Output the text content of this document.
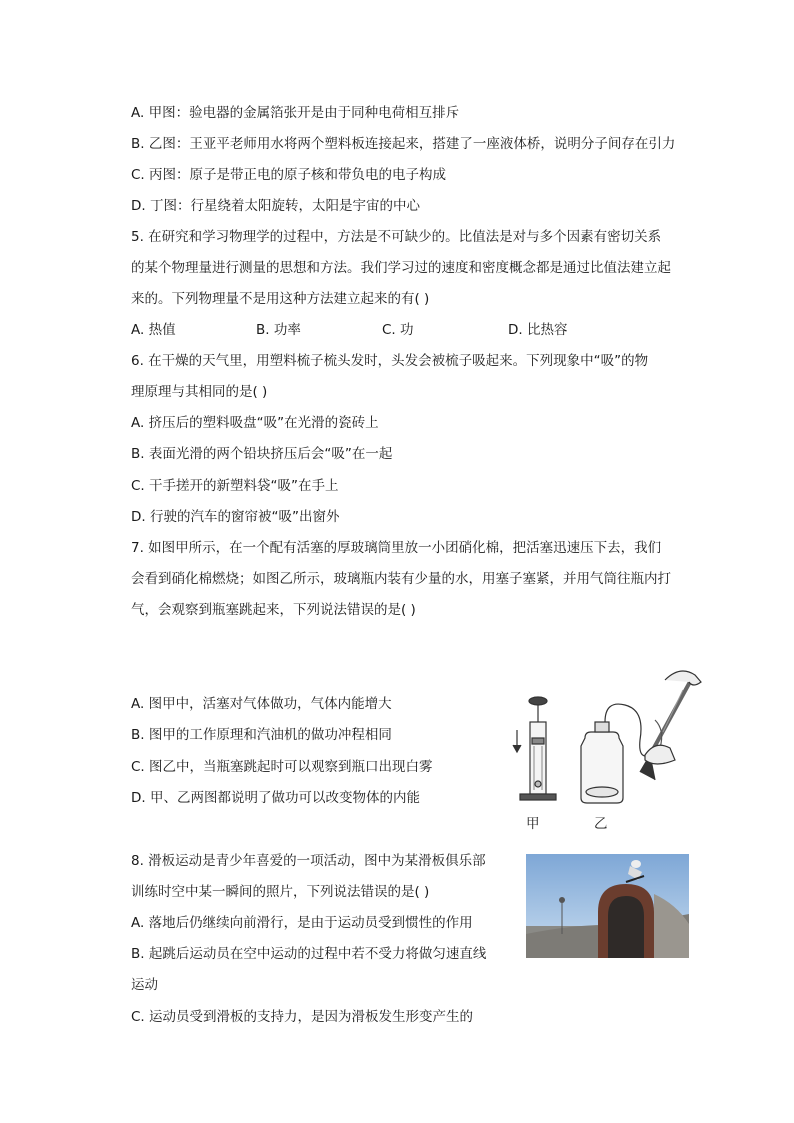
A. 甲图：验电器的金属箔张开是由于同种电荷相互排斥
B. 乙图：王亚平老师用水将两个塑料板连接起来，搭建了一座液体桥，说明分子间存在引力
C. 丙图：原子是带正电的原子核和带负电的电子构成
D. 丁图：行星绕着太阳旋转，太阳是宇宙的中心
5. 在研究和学习物理学的过程中，方法是不可缺少的。比值法是对与多个因素有密切关系
的某个物理量进行测量的思想和方法。我们学习过的速度和密度概念都是通过比值法建立起
来的。下列物理量不是用这种方法建立起来的有( )
A. 热值	B. 功率	C. 功	D. 比热容
6. 在干燥的天气里，用塑料梳子梳头发时，头发会被梳子吸起来。下列现象中“吸”的物
理原理与其相同的是( )
A. 挤压后的塑料吸盘“吸”在光滑的瓷砖上
B. 表面光滑的两个铅块挤压后会“吸”在一起
C. 干手搓开的新塑料袋“吸”在手上
D. 行驶的汽车的窗帘被“吸”出窗外
7. 如图甲所示，在一个配有活塞的厚玻璃筒里放一小团硝化棉，把活塞迅速压下去，我们
会看到硝化棉燃烧；如图乙所示，玻璃瓶内装有少量的水，用塞子塞紧，并用气筒往瓶内打
气，会观察到瓶塞跳起来，下列说法错误的是( )
A. 图甲中，活塞对气体做功，气体内能增大
B. 图甲的工作原理和汽油机的做功冲程相同
C. 图乙中，当瓶塞跳起时可以观察到瓶口出现白雾
D. 甲、乙两图都说明了做功可以改变物体的内能
甲	乙
8. 滑板运动是青少年喜爱的一项活动，图中为某滑板俱乐部
训练时空中某一瞬间的照片，下列说法错误的是( )
A. 落地后仍继续向前滑行，是由于运动员受到惯性的作用
B. 起跳后运动员在空中运动的过程中若不受力将做匀速直线
运动
C. 运动员受到滑板的支持力，是因为滑板发生形变产生的
